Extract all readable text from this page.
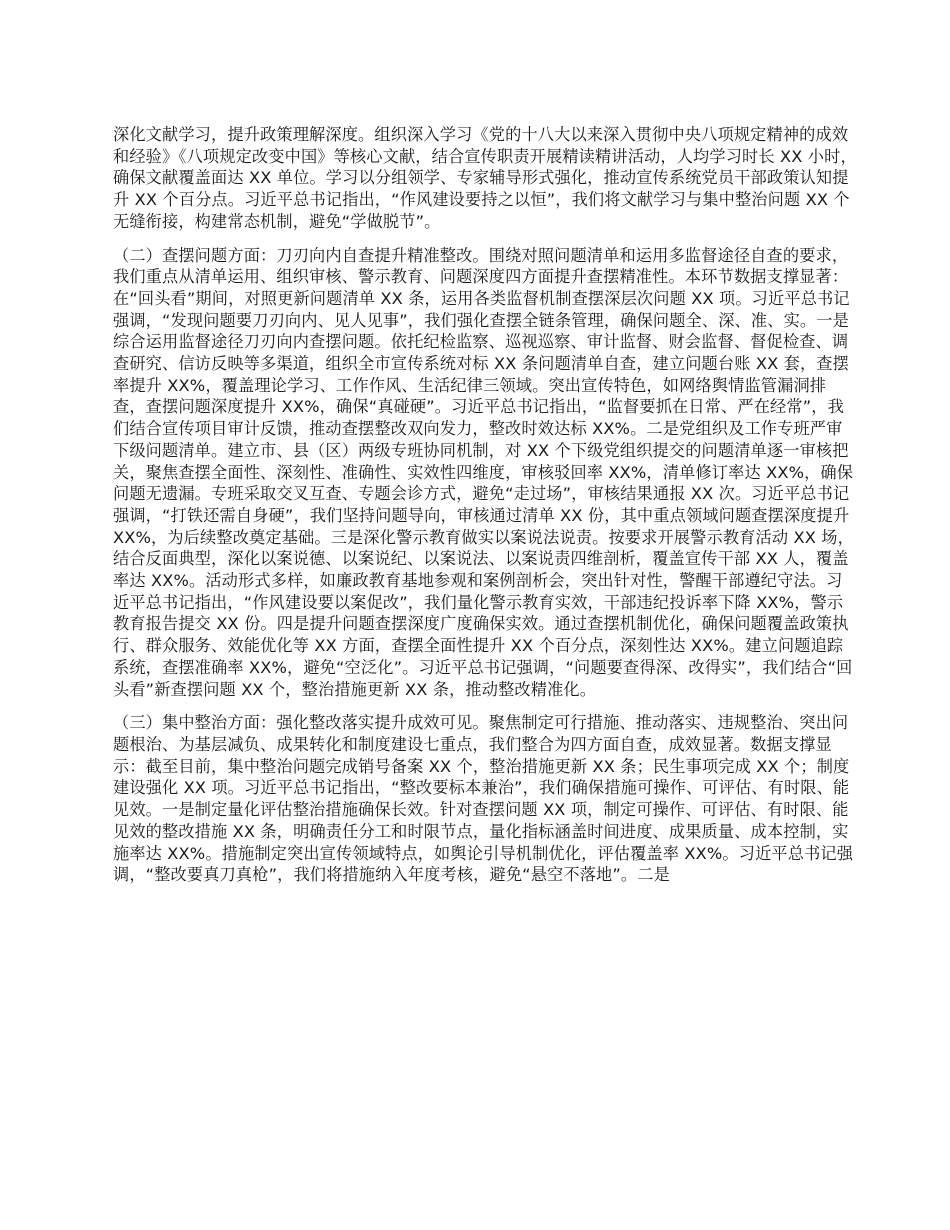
深化文献学习，提升政策理解深度。组织深入学习《党的十八大以来深入贯彻中央八项规定精神的成效和经验》《八项规定改变中国》等核心文献，结合宣传职责开展精读精讲活动，人均学习时长 XX 小时，确保文献覆盖面达 XX 单位。学习以分组领学、专家辅导形式强化，推动宣传系统党员干部政策认知提升 XX 个百分点。习近平总书记指出，“作风建设要持之以恒”，我们将文献学习与集中整治问题 XX 个无缝衔接，构建常态机制，避免“学做脱节”。

（二）查摆问题方面：刀刃向内自查提升精准整改。围绕对照问题清单和运用多监督途径自查的要求，我们重点从清单运用、组织审核、警示教育、问题深度四方面提升查摆精准性。本环节数据支撑显著：在“回头看”期间，对照更新问题清单 XX 条，运用各类监督机制查摆深层次问题 XX 项。习近平总书记强调，“发现问题要刀刃向内、见人见事”，我们强化查摆全链条管理，确保问题全、深、准、实。一是综合运用监督途径刀刃向内查摆问题。依托纪检监察、巡视巡察、审计监督、财会监督、督促检查、调查研究、信访反映等多渠道，组织全市宣传系统对标 XX 条问题清单自查，建立问题台账 XX 套，查摆率提升 XX%，覆盖理论学习、工作作风、生活纪律三领域。突出宣传特色，如网络舆情监管漏洞排查，查摆问题深度提升 XX%，确保“真碰硬”。习近平总书记指出，“监督要抓在日常、严在经常”，我们结合宣传项目审计反馈，推动查摆整改双向发力，整改时效达标 XX%。二是党组织及工作专班严审下级问题清单。建立市、县（区）两级专班协同机制，对 XX 个下级党组织提交的问题清单逐一审核把关，聚焦查摆全面性、深刻性、准确性、实效性四维度，审核驳回率 XX%，清单修订率达 XX%，确保问题无遗漏。专班采取交叉互查、专题会诊方式，避免“走过场”，审核结果通报 XX 次。习近平总书记强调，“打铁还需自身硬”，我们坚持问题导向，审核通过清单 XX 份，其中重点领域问题查摆深度提升 XX%，为后续整改奠定基础。三是深化警示教育做实以案说法说责。按要求开展警示教育活动 XX 场，结合反面典型，深化以案说德、以案说纪、以案说法、以案说责四维剖析，覆盖宣传干部 XX 人，覆盖率达 XX%。活动形式多样，如廉政教育基地参观和案例剖析会，突出针对性，警醒干部遵纪守法。习近平总书记指出，“作风建设要以案促改”，我们量化警示教育实效，干部违纪投诉率下降 XX%，警示教育报告提交 XX 份。四是提升问题查摆深度广度确保实效。通过查摆机制优化，确保问题覆盖政策执行、群众服务、效能优化等 XX 方面，查摆全面性提升 XX 个百分点，深刻性达 XX%。建立问题追踪系统，查摆准确率 XX%，避免“空泛化”。习近平总书记强调，“问题要查得深、改得实”，我们结合“回头看”新查摆问题 XX 个，整治措施更新 XX 条，推动整改精准化。

（三）集中整治方面：强化整改落实提升成效可见。聚焦制定可行措施、推动落实、违规整治、突出问题根治、为基层减负、成果转化和制度建设七重点，我们整合为四方面自查，成效显著。数据支撑显示：截至目前，集中整治问题完成销号备案 XX 个，整治措施更新 XX 条；民生事项完成 XX 个；制度建设强化 XX 项。习近平总书记指出，“整改要标本兼治”，我们确保措施可操作、可评估、有时限、能见效。一是制定量化评估整治措施确保长效。针对查摆问题 XX 项，制定可操作、可评估、有时限、能见效的整改措施 XX 条，明确责任分工和时限节点，量化指标涵盖时间进度、成果质量、成本控制，实施率达 XX%。措施制定突出宣传领域特点，如舆论引导机制优化，评估覆盖率 XX%。习近平总书记强调，“整改要真刀真枪”，我们将措施纳入年度考核，避免“悬空不落地”。二是
